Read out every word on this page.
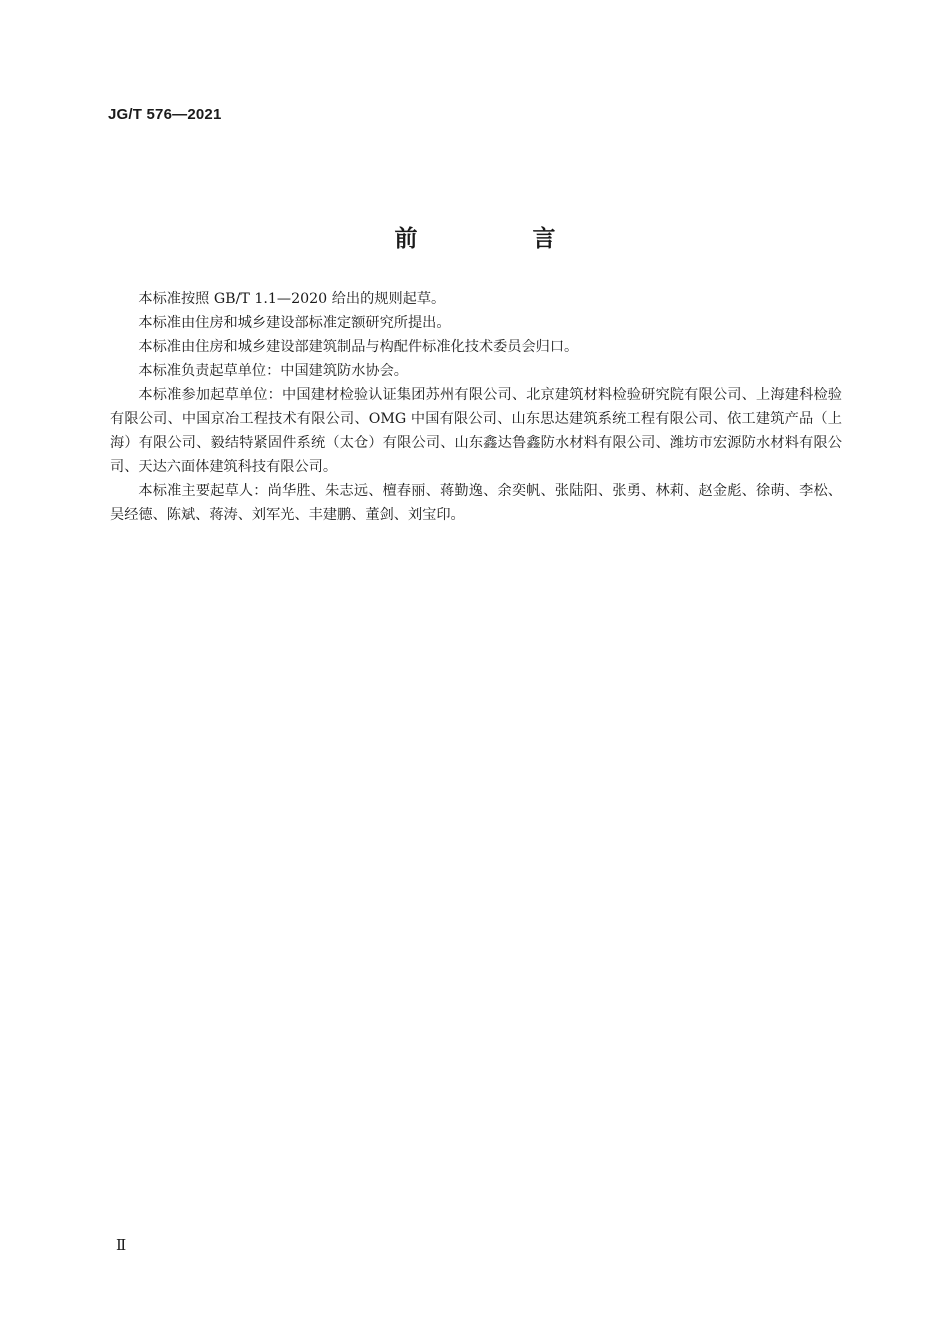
JG/T 576—2021

前　言

本标准按照 GB/T 1.1—2020 给出的规则起草。

本标准由住房和城乡建设部标准定额研究所提出。

本标准由住房和城乡建设部建筑制品与构配件标准化技术委员会归口。

本标准负责起草单位：中国建筑防水协会。

本标准参加起草单位：中国建材检验认证集团苏州有限公司、北京建筑材料检验研究院有限公司、上海建科检验有限公司、中国京冶工程技术有限公司、OMG 中国有限公司、山东思达建筑系统工程有限公司、依工建筑产品（上海）有限公司、毅结特紧固件系统（太仓）有限公司、山东鑫达鲁鑫防水材料有限公司、潍坊市宏源防水材料有限公司、天达六面体建筑科技有限公司。

本标准主要起草人：尚华胜、朱志远、檀春丽、蒋勤逸、余奕帆、张陆阳、张勇、林莉、赵金彪、徐萌、李松、吴经德、陈斌、蒋涛、刘军光、丰建鹏、董剑、刘宝印。

Ⅱ
